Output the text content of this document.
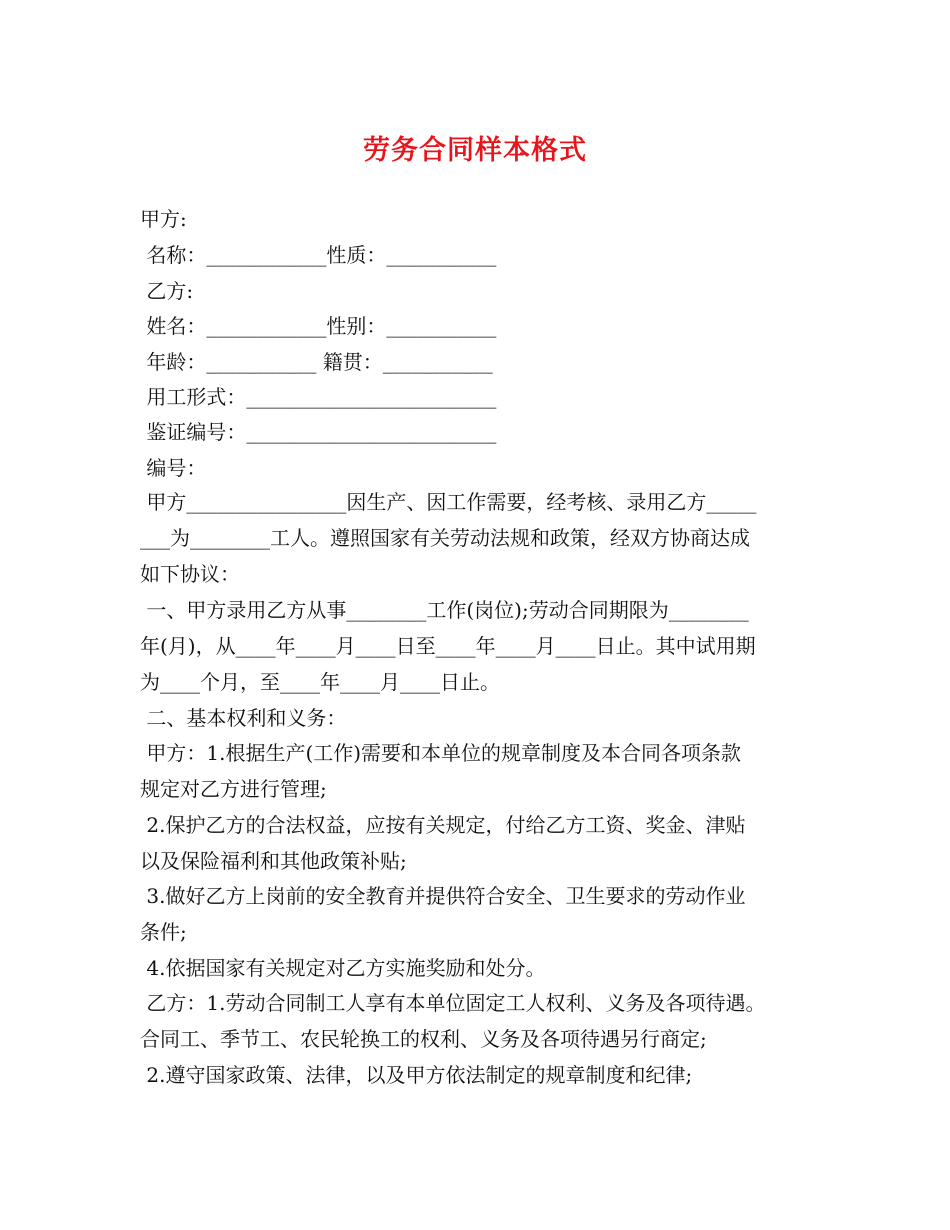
劳务合同样本格式
甲方:
名称：____________性质：___________
乙方:
姓名：____________性别：___________
年龄：___________ 籍贯：___________
用工形式：_________________________
鉴证编号：_________________________
编号：
甲方________________因生产、因工作需要，经考核、录用乙方_____
___为________工人。遵照国家有关劳动法规和政策，经双方协商达成
如下协议：
一、甲方录用乙方从事________工作(岗位);劳动合同期限为________
年(月)，从____年____月____日至____年____月____日止。其中试用期
为____个月，至____年____月____日止。
二、基本权利和义务：
甲方：1.根据生产(工作)需要和本单位的规章制度及本合同各项条款
规定对乙方进行管理;
2.保护乙方的合法权益，应按有关规定，付给乙方工资、奖金、津贴
以及保险福利和其他政策补贴;
3.做好乙方上岗前的安全教育并提供符合安全、卫生要求的劳动作业
条件;
4.依据国家有关规定对乙方实施奖励和处分。
乙方：1.劳动合同制工人享有本单位固定工人权利、义务及各项待遇。
合同工、季节工、农民轮换工的权利、义务及各项待遇另行商定;
2.遵守国家政策、法律，以及甲方依法制定的规章制度和纪律;
